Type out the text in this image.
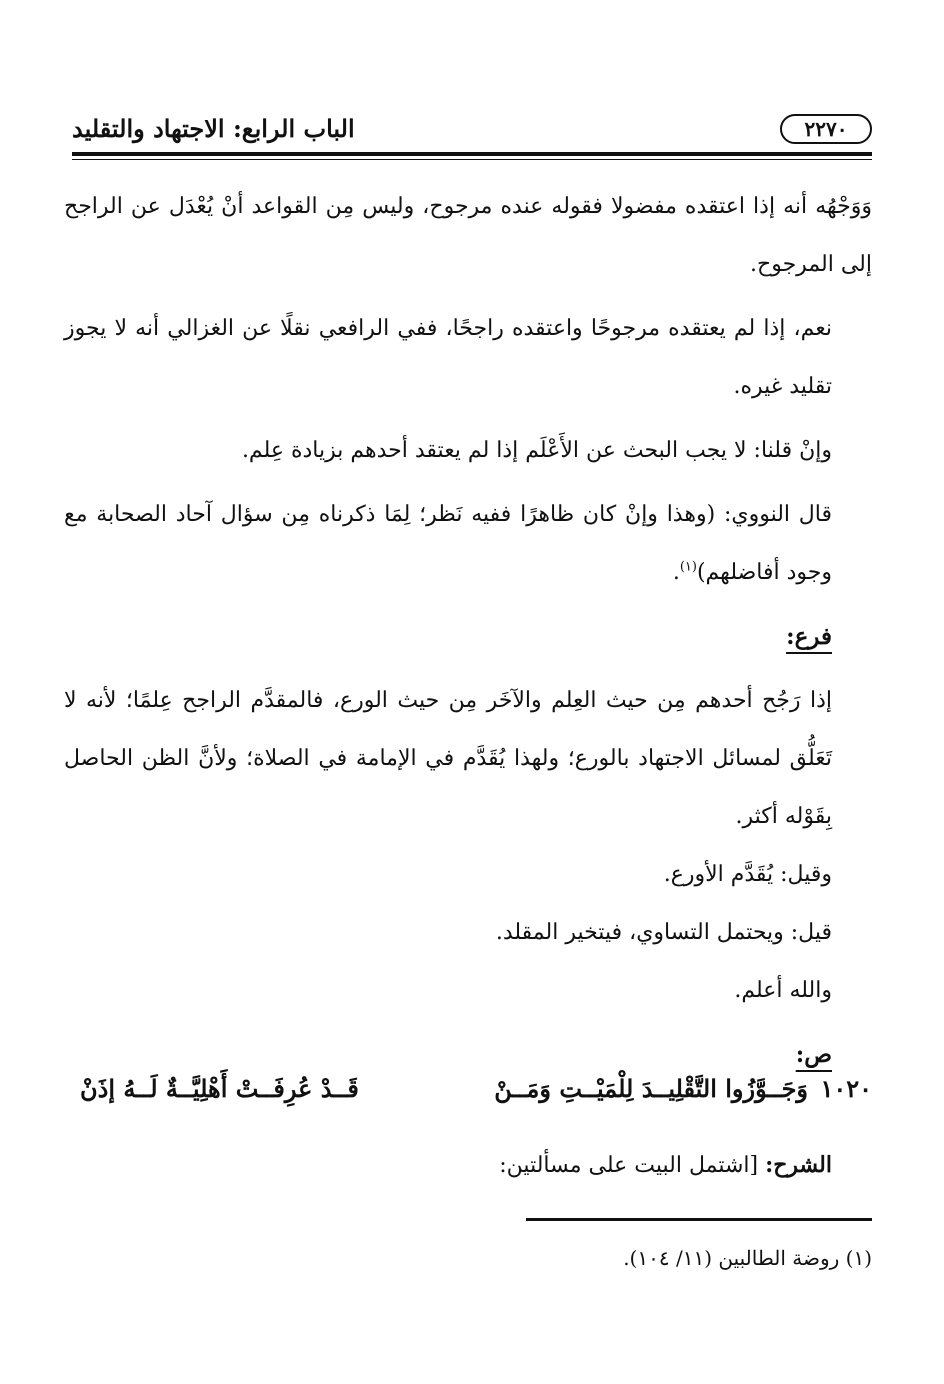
٢٢٧٠
الباب الرابع: الاجتهاد والتقليد

وَوَجْهُه أنه إذا اعتقده مفضولا فقوله عنده مرجوح، وليس مِن القواعد أنْ يُعْدَل عن الراجح إلى المرجوح.

نعم، إذا لم يعتقده مرجوحًا واعتقده راجحًا، ففي الرافعي نقلًا عن الغزالي أنه لا يجوز تقليد غيره.

وإنْ قلنا: لا يجب البحث عن الأَعْلَم إذا لم يعتقد أحدهم بزيادة عِلم.

قال النووي: (وهذا وإنْ كان ظاهرًا ففيه نَظر؛ لِمَا ذكرناه مِن سؤال آحاد الصحابة مع وجود أفاضلهم)$^{(١)}$.

فرع:

إذا رَجُح أحدهم مِن حيث العِلم والآخَر مِن حيث الورع، فالمقدَّم الراجح عِلمًا؛ لأنه لا تَعَلُّق لمسائل الاجتهاد بالورع؛ ولهذا يُقَدَّم في الإمامة في الصلاة؛ ولأنَّ الظن الحاصل بِقَوْله أكثر.

وقيل: يُقَدَّم الأورع.

قيل: ويحتمل التساوي، فيتخير المقلد.

والله أعلم.

ص:

١٠٢٠
وَجَــوَّزُوا التَّقْلِيــدَ لِلْمَيْــتِ وَمَــنْ
قَــدْ عُرِفَــتْ أَهْلِيَّــةٌ لَــهُ إذَنْ
الشرح: [اشتمل البيت على مسألتين:
(١) روضة الطالبين (١١/ ١٠٤).
